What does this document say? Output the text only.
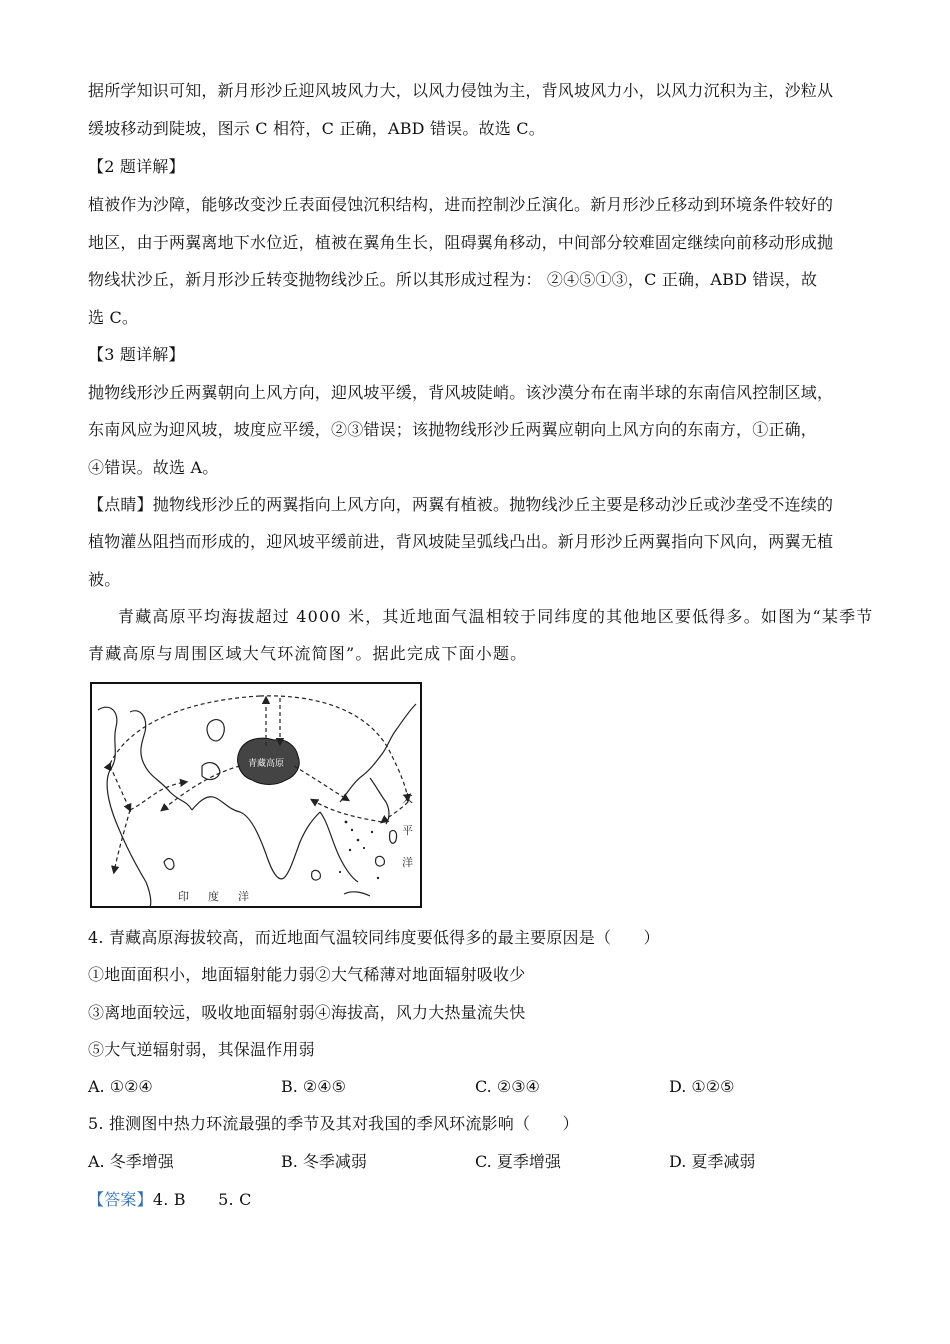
据所学知识可知，新月形沙丘迎风坡风力大，以风力侵蚀为主，背风坡风力小，以风力沉积为主，沙粒从
缓坡移动到陡坡，图示 C 相符，C 正确，ABD 错误。故选 C。
【2 题详解】
植被作为沙障，能够改变沙丘表面侵蚀沉积结构，进而控制沙丘演化。新月形沙丘移动到环境条件较好的
地区，由于两翼离地下水位近，植被在翼角生长，阻碍翼角移动，中间部分较难固定继续向前移动形成抛
物线状沙丘，新月形沙丘转变抛物线沙丘。所以其形成过程为： ②④⑤①③，C 正确，ABD 错误，故
选 C。
【3 题详解】
抛物线形沙丘两翼朝向上风方向，迎风坡平缓，背风坡陡峭。该沙漠分布在南半球的东南信风控制区域，
东南风应为迎风坡，坡度应平缓，②③错误；该抛物线形沙丘两翼应朝向上风方向的东南方，①正确，
④错误。故选 A。
【点睛】抛物线形沙丘的两翼指向上风方向，两翼有植被。抛物线沙丘主要是移动沙丘或沙垄受不连续的
植物灌丛阻挡而形成的，迎风坡平缓前进，背风坡陡呈弧线凸出。新月形沙丘两翼指向下风向，两翼无植
被。
青藏高原平均海拔超过 4000 米，其近地面气温相较于同纬度的其他地区要低得多。如图为“某季节
青藏高原与周围区域大气环流简图”。据此完成下面小题。
青藏高原
印 度 洋
太
平
洋
4. 青藏高原海拔较高，而近地面气温较同纬度要低得多的最主要原因是（　　）
①地面面积小，地面辐射能力弱②大气稀薄对地面辐射吸收少
③离地面较远，吸收地面辐射弱④海拔高，风力大热量流失快
⑤大气逆辐射弱，其保温作用弱
A. ①②④	B. ②④⑤	C. ②③④	D. ①②⑤
5. 推测图中热力环流最强的季节及其对我国的季风环流影响（　　）
A. 冬季增强	B. 冬季减弱	C. 夏季增强	D. 夏季减弱
【答案】4. B　　5. C
